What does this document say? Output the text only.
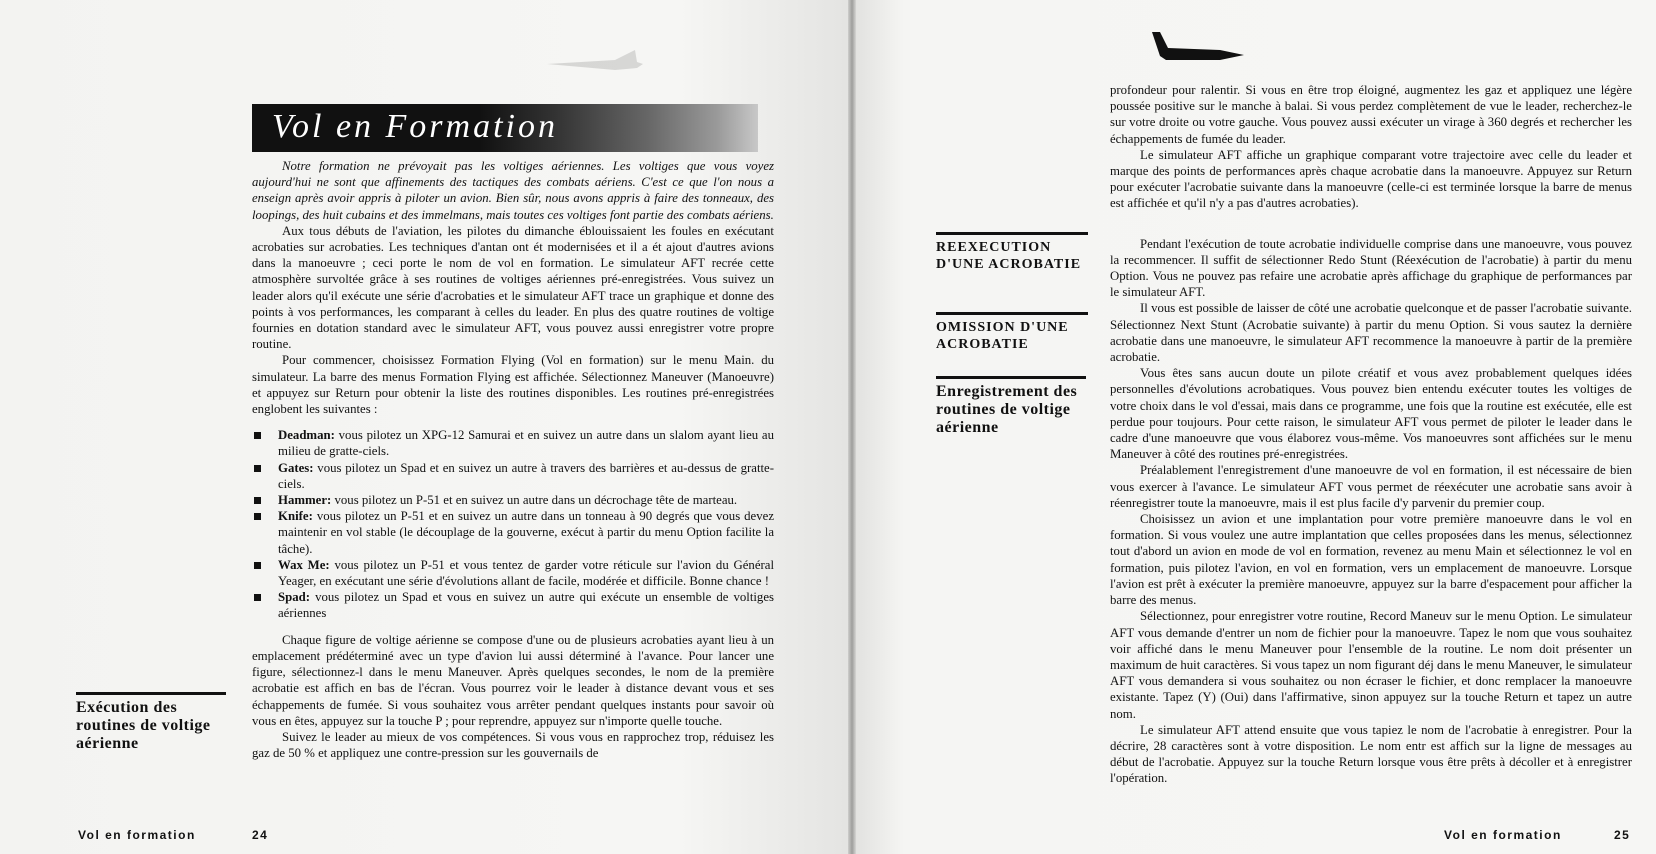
Vol en Formation

Notre formation ne prévoyait pas les voltiges aériennes. Les voltiges que vous voyez aujourd'hui ne sont que affinements des tactiques des combats aériens. C'est ce que l'on nous a enseign après avoir appris à piloter un avion. Bien sûr, nous avons appris à faire des tonneaux, des loopings, des huit cubains et des immelmans, mais toutes ces voltiges font partie des combats aériens.

Aux tous débuts de l'aviation, les pilotes du dimanche éblouissaient les foules en exécutant acrobaties sur acrobaties. Les techniques d'antan ont ét modernisées et il a ét ajout d'autres avions dans la manoeuvre ; ceci porte le nom de vol en formation. Le simulateur AFT recrée cette atmosphère survoltée grâce à ses routines de voltiges aériennes pré-enregistrées. Vous suivez un leader alors qu'il exécute une série d'acrobaties et le simulateur AFT trace un graphique et donne des points à vos performances, les comparant à celles du leader. En plus des quatre routines de voltige fournies en dotation standard avec le simulateur AFT, vous pouvez aussi enregistrer votre propre routine.

Pour commencer, choisissez Formation Flying (Vol en formation) sur le menu Main. du simulateur. La barre des menus Formation Flying est affichée. Sélectionnez Maneuver (Manoeuvre) et appuyez sur Return pour obtenir la liste des routines disponibles. Les routines pré-enregistrées englobent les suivantes :

Deadman: vous pilotez un XPG-12 Samurai et en suivez un autre dans un slalom ayant lieu au milieu de gratte-ciels.
Gates: vous pilotez un Spad et en suivez un autre à travers des barrières et au-dessus de gratte-ciels.
Hammer: vous pilotez un P-51 et en suivez un autre dans un décrochage tête de marteau.
Knife: vous pilotez un P-51 et en suivez un autre dans un tonneau à 90 degrés que vous devez maintenir en vol stable (le découplage de la gouverne, exécut à partir du menu Option facilite la tâche).
Wax Me: vous pilotez un P-51 et vous tentez de garder votre réticule sur l'avion du Général Yeager, en exécutant une série d'évolutions allant de facile, modérée et difficile. Bonne chance !
Spad: vous pilotez un Spad et vous en suivez un autre qui exécute un ensemble de voltiges aériennes

Chaque figure de voltige aérienne se compose d'une ou de plusieurs acrobaties ayant lieu à un emplacement prédéterminé avec un type d'avion lui aussi déterminé à l'avance. Pour lancer une figure, sélectionnez-l dans le menu Maneuver. Après quelques secondes, le nom de la première acrobatie est affich en bas de l'écran. Vous pourrez voir le leader à distance devant vous et ses échappements de fumée. Si vous souhaitez vous arrêter pendant quelques instants pour savoir où vous en êtes, appuyez sur la touche P ; pour reprendre, appuyez sur n'importe quelle touche.

Suivez le leader au mieux de vos compétences. Si vous vous en rapprochez trop, réduisez les gaz de 50 % et appliquez une contre-pression sur les gouvernails de

Exécution des routines de voltige aérienne
Vol en formation	24

profondeur pour ralentir. Si vous en être trop éloigné, augmentez les gaz et appliquez une légère poussée positive sur le manche à balai. Si vous perdez complètement de vue le leader, recherchez-le sur votre droite ou votre gauche. Vous pouvez aussi exécuter un virage à 360 degrés et rechercher les échappements de fumée du leader.

Le simulateur AFT affiche un graphique comparant votre trajectoire avec celle du leader et marque des points de performances après chaque acrobatie dans la manoeuvre. Appuyez sur Return pour exécuter l'acrobatie suivante dans la manoeuvre (celle-ci est terminée lorsque la barre de menus est affichée et qu'il n'y a pas d'autres acrobaties).

Pendant l'exécution de toute acrobatie individuelle comprise dans une manoeuvre, vous pouvez la recommencer. Il suffit de sélectionner Redo Stunt (Réexécution de l'acrobatie) à partir du menu Option. Vous ne pouvez pas refaire une acrobatie après affichage du graphique de performances par le simulateur AFT.

Il vous est possible de laisser de côté une acrobatie quelconque et de passer l'acrobatie suivante. Sélectionnez Next Stunt (Acrobatie suivante) à partir du menu Option. Si vous sautez la dernière acrobatie dans une manoeuvre, le simulateur AFT recommence la manoeuvre à partir de la première acrobatie.

Vous êtes sans aucun doute un pilote créatif et vous avez probablement quelques idées personnelles d'évolutions acrobatiques. Vous pouvez bien entendu exécuter toutes les voltiges de votre choix dans le vol d'essai, mais dans ce programme, une fois que la routine est exécutée, elle est perdue pour toujours. Pour cette raison, le simulateur AFT vous permet de piloter le leader dans le cadre d'une manoeuvre que vous élaborez vous-même. Vos manoeuvres sont affichées sur le menu Maneuver à côté des routines pré-enregistrées.

Préalablement l'enregistrement d'une manoeuvre de vol en formation, il est nécessaire de bien vous exercer à l'avance. Le simulateur AFT vous permet de réexécuter une acrobatie sans avoir à réenregistrer toute la manoeuvre, mais il est plus facile d'y parvenir du premier coup.

Choisissez un avion et une implantation pour votre première manoeuvre dans le vol en formation. Si vous voulez une autre implantation que celles proposées dans les menus, sélectionnez tout d'abord un avion en mode de vol en formation, revenez au menu Main et sélectionnez le vol en formation, puis pilotez l'avion, en vol en formation, vers un emplacement de manoeuvre. Lorsque l'avion est prêt à exécuter la première manoeuvre, appuyez sur la barre d'espacement pour afficher la barre des menus.

Sélectionnez, pour enregistrer votre routine, Record Maneuv sur le menu Option. Le simulateur AFT vous demande d'entrer un nom de fichier pour la manoeuvre. Tapez le nom que vous souhaitez voir affiché dans le menu Maneuver pour l'ensemble de la routine. Le nom doit présenter un maximum de huit caractères. Si vous tapez un nom figurant déj dans le menu Maneuver, le simulateur AFT vous demandera si vous souhaitez ou non écraser le fichier, et donc remplacer la manoeuvre existante. Tapez (Y) (Oui) dans l'affirmative, sinon appuyez sur la touche Return et tapez un autre nom.

Le simulateur AFT attend ensuite que vous tapiez le nom de l'acrobatie à enregistrer. Pour la décrire, 28 caractères sont à votre disposition. Le nom entr est affich sur la ligne de messages au début de l'acrobatie. Appuyez sur la touche Return lorsque vous être prêts à décoller et à enregistrer l'opération.

REEXECUTION D'UNE ACROBATIE
OMISSION D'UNE ACROBATIE
Enregistrement des routines de voltige aérienne
Vol en formation	25
